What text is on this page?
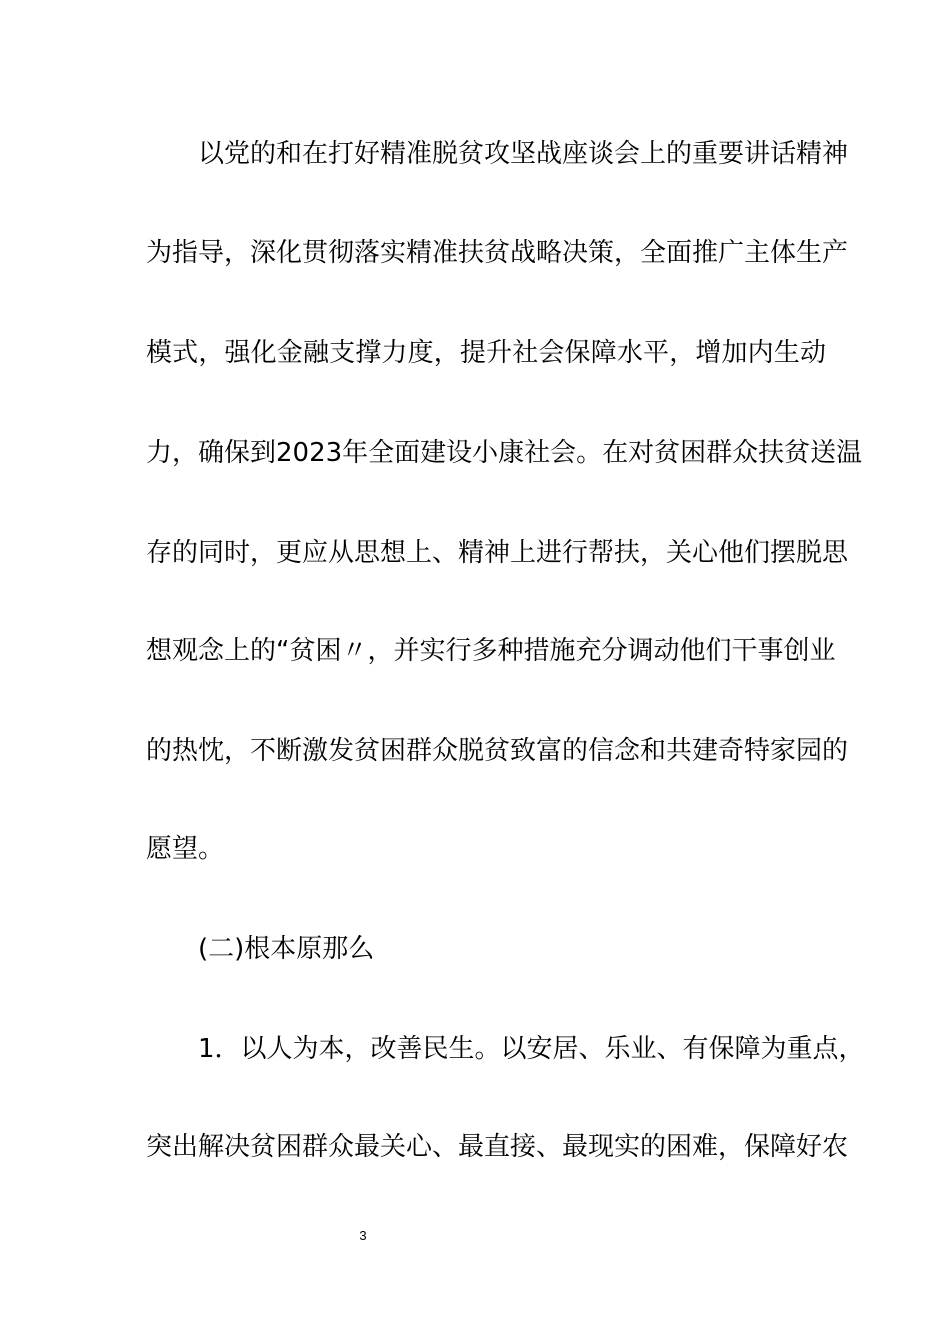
以党的和在打好精准脱贫攻坚战座谈会上的重要讲话精神
为指导，深化贯彻落实精准扶贫战略决策，全面推广主体生产
模式，强化金融支撑力度，提升社会保障水平，增加内生动
力，确保到2023年全面建设小康社会。在对贫困群众扶贫送温
存的同时，更应从思想上、精神上进行帮扶，关心他们摆脱思
想观念上的“贫困〃，并实行多种措施充分调动他们干事创业
的热忱，不断激发贫困群众脱贫致富的信念和共建奇特家园的
愿望。
(二)根本原那么
1．以人为本，改善民生。以安居、乐业、有保障为重点，
突出解决贫困群众最关心、最直接、最现实的困难，保障好农
3
